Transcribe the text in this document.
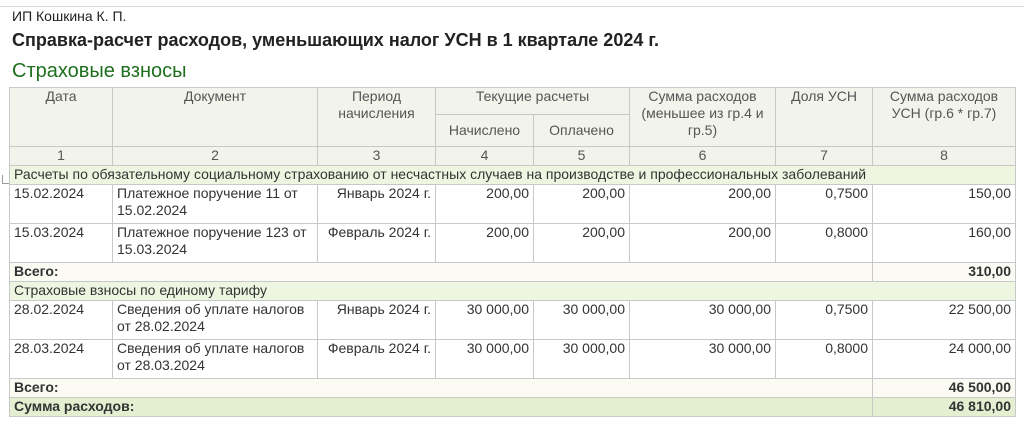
ИП Кошкина К. П.
Справка-расчет расходов, уменьшающих налог УСН в 1 квартале 2024 г.
Страховые взносы
Дата	Документ	Период начисления	Текущие расчеты		Сумма расходов (меньшее из гр.4 и гр.5)	Доля УСН	Сумма расходов УСН (гр.6 * гр.7)
			Начислено	Оплачено			
1	2	3	4	5	6	7	8
Расчеты по обязательному социальному страхованию от несчастных случаев на производстве и профессиональных заболеваний							
15.02.2024	Платежное поручение 11 от 15.02.2024	Январь 2024 г.	200,00	200,00	200,00	0,7500	150,00
15.03.2024	Платежное поручение 123 от 15.03.2024	Февраль 2024 г.	200,00	200,00	200,00	0,8000	160,00
Всего:							310,00
Страховые взносы по единому тарифу							
28.02.2024	Сведения об уплате налогов от 28.02.2024	Январь 2024 г.	30 000,00	30 000,00	30 000,00	0,7500	22 500,00
28.03.2024	Сведения об уплате налогов от 28.03.2024	Февраль 2024 г.	30 000,00	30 000,00	30 000,00	0,8000	24 000,00
Всего:							46 500,00
Сумма расходов:							46 810,00
